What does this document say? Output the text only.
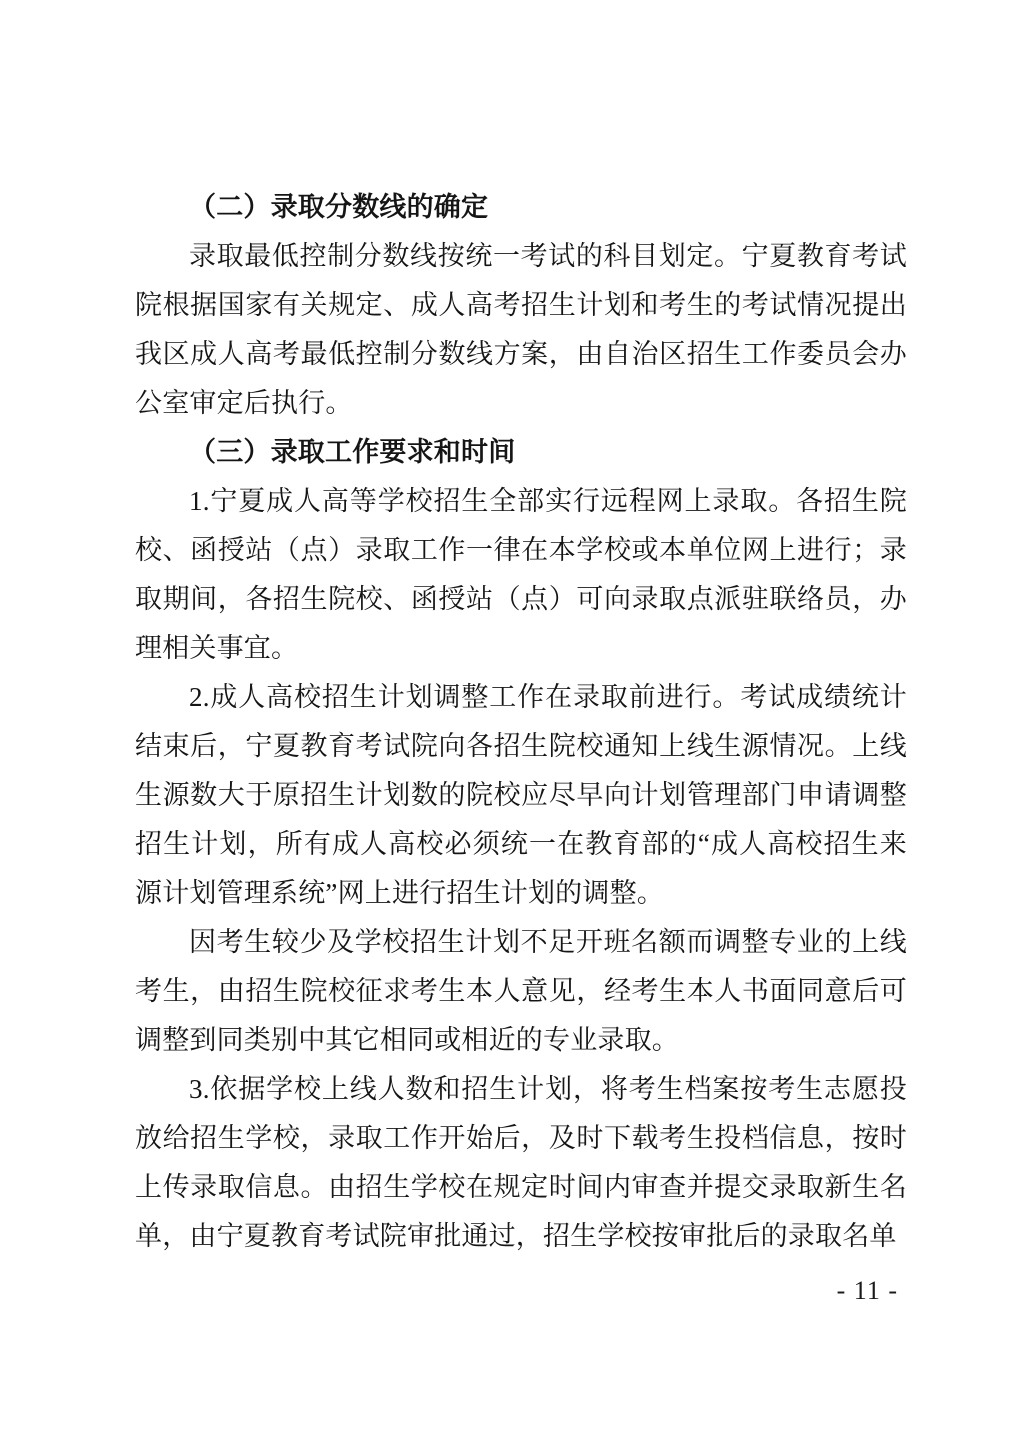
（二）录取分数线的确定

录取最低控制分数线按统一考试的科目划定。宁夏教育考试院根据国家有关规定、成人高考招生计划和考生的考试情况提出我区成人高考最低控制分数线方案，由自治区招生工作委员会办公室审定后执行。

（三）录取工作要求和时间

1.宁夏成人高等学校招生全部实行远程网上录取。各招生院校、函授站（点）录取工作一律在本学校或本单位网上进行；录取期间，各招生院校、函授站（点）可向录取点派驻联络员，办理相关事宜。

2.成人高校招生计划调整工作在录取前进行。考试成绩统计结束后，宁夏教育考试院向各招生院校通知上线生源情况。上线生源数大于原招生计划数的院校应尽早向计划管理部门申请调整招生计划，所有成人高校必须统一在教育部的“成人高校招生来源计划管理系统”网上进行招生计划的调整。

因考生较少及学校招生计划不足开班名额而调整专业的上线考生，由招生院校征求考生本人意见，经考生本人书面同意后可调整到同类别中其它相同或相近的专业录取。

3.依据学校上线人数和招生计划，将考生档案按考生志愿投放给招生学校，录取工作开始后，及时下载考生投档信息，按时上传录取信息。由招生学校在规定时间内审查并提交录取新生名单，由宁夏教育考试院审批通过，招生学校按审批后的录取名单

- 11 -
